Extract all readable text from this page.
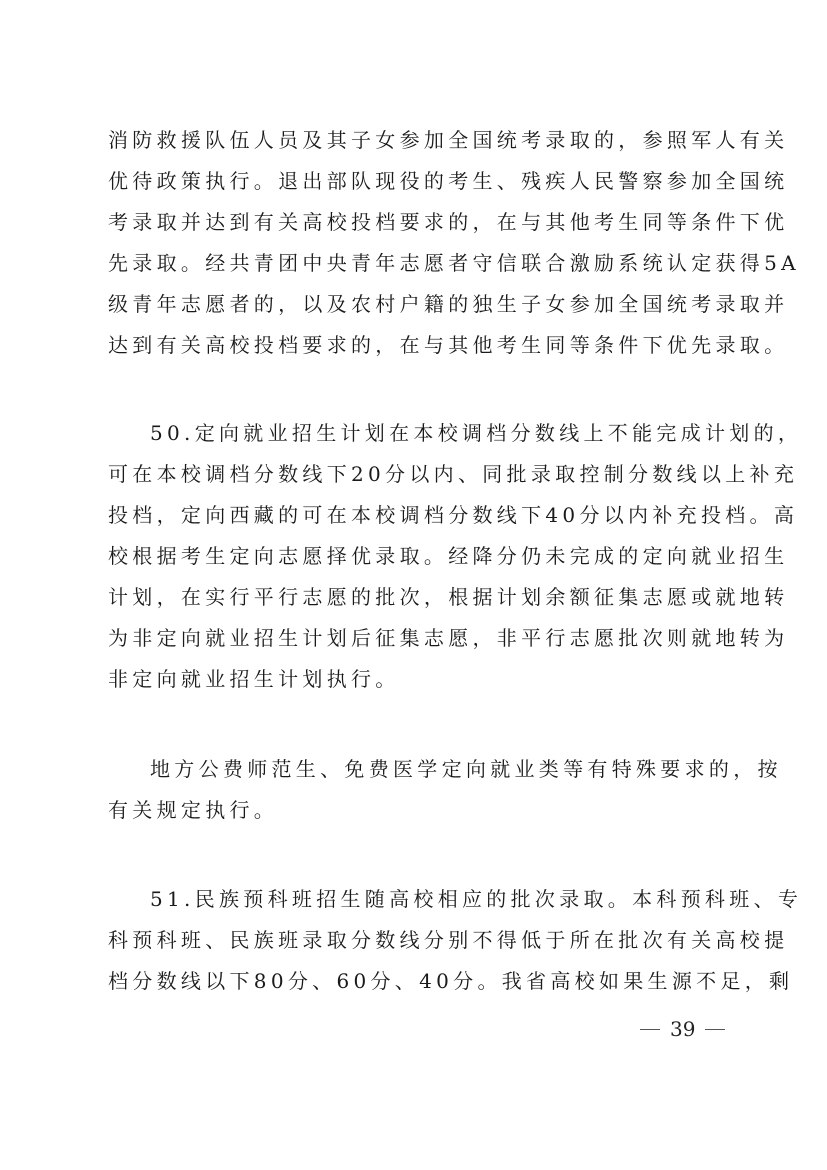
消防救援队伍人员及其子女参加全国统考录取的，参照军人有关
优待政策执行。退出部队现役的考生、残疾人民警察参加全国统
考录取并达到有关高校投档要求的，在与其他考生同等条件下优
先录取。经共青团中央青年志愿者守信联合激励系统认定获得5A
级青年志愿者的，以及农村户籍的独生子女参加全国统考录取并
达到有关高校投档要求的，在与其他考生同等条件下优先录取。
50.定向就业招生计划在本校调档分数线上不能完成计划的，
可在本校调档分数线下20分以内、同批录取控制分数线以上补充
投档，定向西藏的可在本校调档分数线下40分以内补充投档。高
校根据考生定向志愿择优录取。经降分仍未完成的定向就业招生
计划，在实行平行志愿的批次，根据计划余额征集志愿或就地转
为非定向就业招生计划后征集志愿，非平行志愿批次则就地转为
非定向就业招生计划执行。
地方公费师范生、免费医学定向就业类等有特殊要求的，按
有关规定执行。
51.民族预科班招生随高校相应的批次录取。本科预科班、专
科预科班、民族班录取分数线分别不得低于所在批次有关高校提
档分数线以下80分、60分、40分。我省高校如果生源不足，剩
39
